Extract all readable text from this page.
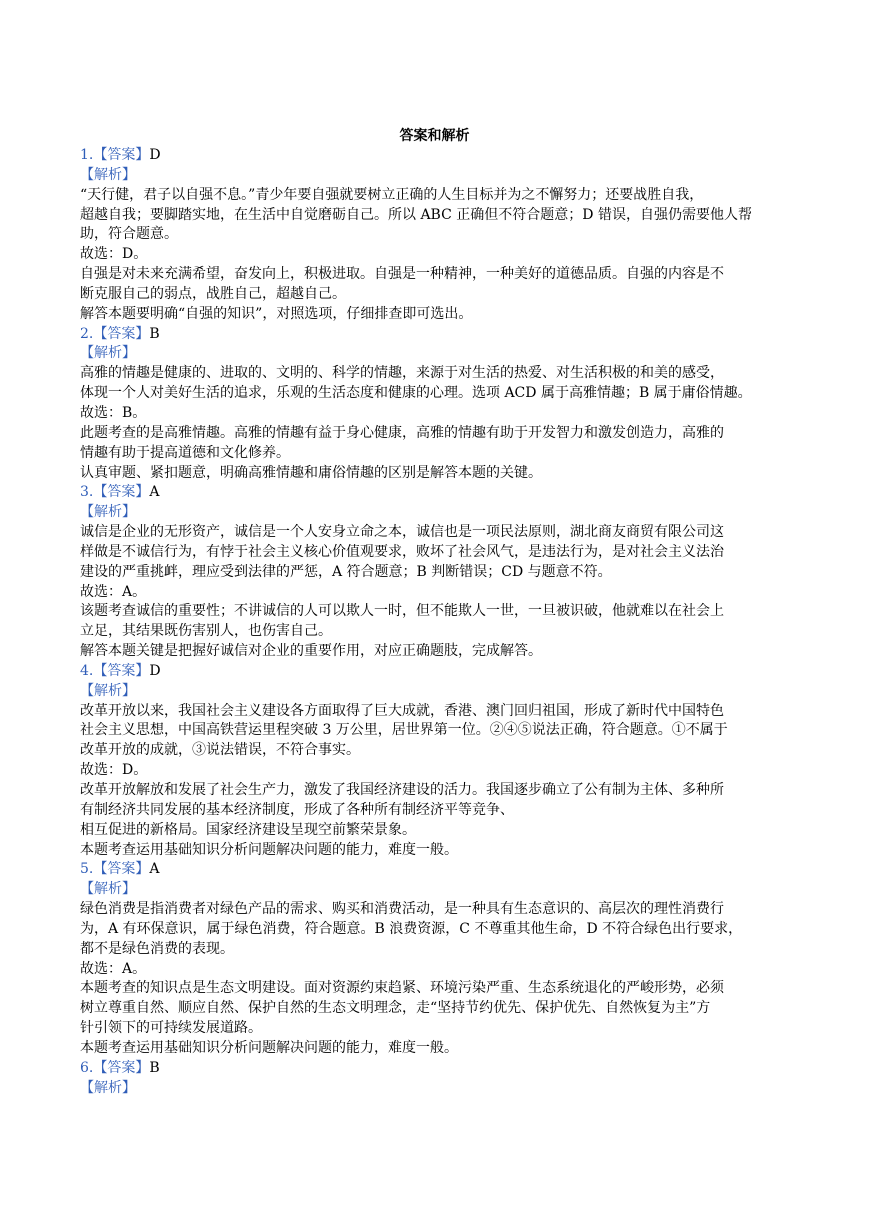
答案和解析
1.【答案】D
【解析】
“天行健，君子以自强不息。”青少年要自强就要树立正确的人生目标并为之不懈努力；还要战胜自我，
超越自我；要脚踏实地，在生活中自觉磨砺自己。所以 ABC 正确但不符合题意；D 错误，自强仍需要他人帮
助，符合题意。
故选：D。
自强是对未来充满希望，奋发向上，积极进取。自强是一种精神，一种美好的道德品质。自强的内容是不
断克服自己的弱点，战胜自己，超越自己。
解答本题要明确“自强的知识”，对照选项，仔细排查即可选出。
2.【答案】B
【解析】
高雅的情趣是健康的、进取的、文明的、科学的情趣，来源于对生活的热爱、对生活积极的和美的感受，
体现一个人对美好生活的追求，乐观的生活态度和健康的心理。选项 ACD 属于高雅情趣；B 属于庸俗情趣。
故选：B。
此题考查的是高雅情趣。高雅的情趣有益于身心健康，高雅的情趣有助于开发智力和激发创造力，高雅的
情趣有助于提高道德和文化修养。
认真审题、紧扣题意，明确高雅情趣和庸俗情趣的区别是解答本题的关键。
3.【答案】A
【解析】
诚信是企业的无形资产，诚信是一个人安身立命之本，诚信也是一项民法原则，湖北商友商贸有限公司这
样做是不诚信行为，有悖于社会主义核心价值观要求，败坏了社会风气，是违法行为，是对社会主义法治
建设的严重挑衅，理应受到法律的严惩，A 符合题意；B 判断错误；CD 与题意不符。
故选：A。
该题考查诚信的重要性；不讲诚信的人可以欺人一时，但不能欺人一世，一旦被识破，他就难以在社会上
立足，其结果既伤害别人，也伤害自己。
解答本题关键是把握好诚信对企业的重要作用，对应正确题肢，完成解答。
4.【答案】D
【解析】
改革开放以来，我国社会主义建设各方面取得了巨大成就，香港、澳门回归祖国，形成了新时代中国特色
社会主义思想，中国高铁营运里程突破 3 万公里，居世界第一位。②④⑤说法正确，符合题意。①不属于
改革开放的成就，③说法错误，不符合事实。
故选：D。
改革开放解放和发展了社会生产力，激发了我国经济建设的活力。我国逐步确立了公有制为主体、多种所
有制经济共同发展的基本经济制度，形成了各种所有制经济平等竞争、
相互促进的新格局。国家经济建设呈现空前繁荣景象。
本题考查运用基础知识分析问题解决问题的能力，难度一般。
5.【答案】A
【解析】
绿色消费是指消费者对绿色产品的需求、购买和消费活动，是一种具有生态意识的、高层次的理性消费行
为，A 有环保意识，属于绿色消费，符合题意。B 浪费资源，C 不尊重其他生命，D 不符合绿色出行要求，
都不是绿色消费的表现。
故选：A。
本题考查的知识点是生态文明建设。面对资源约束趋紧、环境污染严重、生态系统退化的严峻形势，必须
树立尊重自然、顺应自然、保护自然的生态文明理念，走“坚持节约优先、保护优先、自然恢复为主”方
针引领下的可持续发展道路。
本题考查运用基础知识分析问题解决问题的能力，难度一般。
6.【答案】B
【解析】
